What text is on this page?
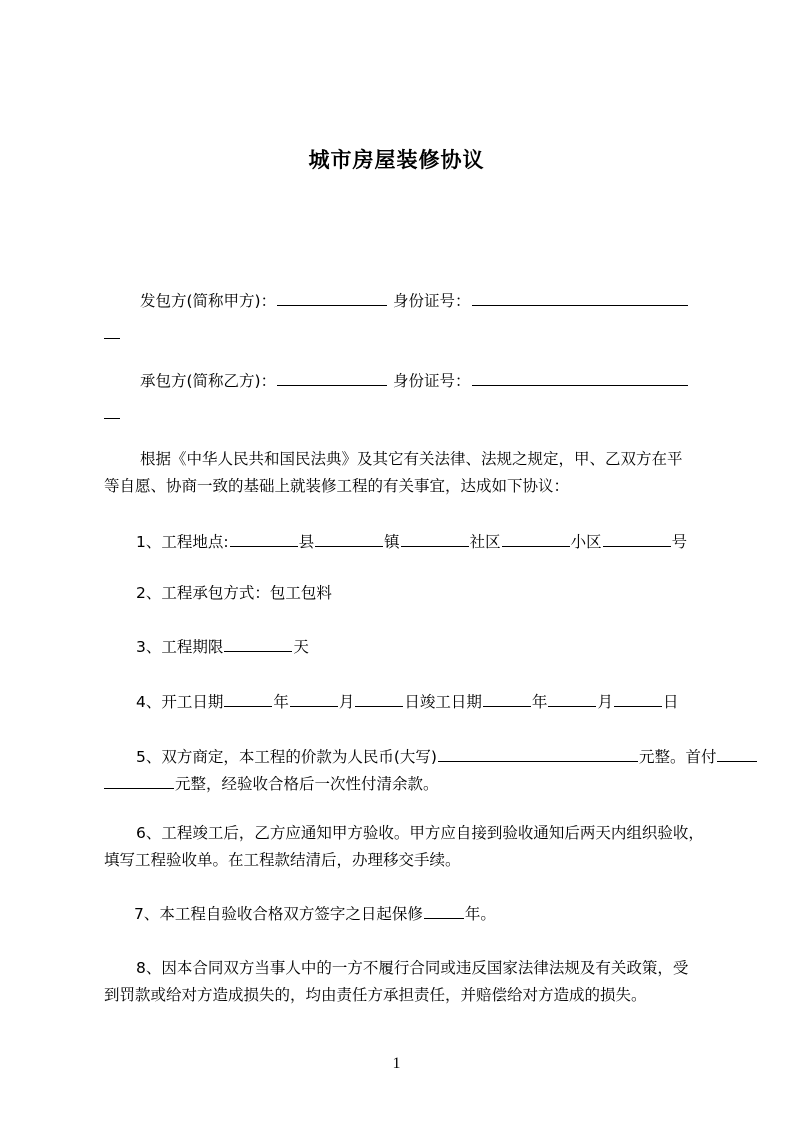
城市房屋装修协议
发包方(简称甲方)：	身份证号：
承包方(简称乙方)：	身份证号：
根据《中华人民共和国民法典》及其它有关法律、法规之规定，甲、乙双方在平
等自愿、协商一致的基础上就装修工程的有关事宜，达成如下协议：
1、工程地点:	县	镇	社区	小区	号
2、工程承包方式：包工包料
3、工程期限	天
4、开工日期	年	月	日竣工日期	年	月	日
5、双方商定，本工程的价款为人民币(大写)	元整。首付
元整，经验收合格后一次性付清余款。
6、工程竣工后，乙方应通知甲方验收。甲方应自接到验收通知后两天内组织验收，
填写工程验收单。在工程款结清后，办理移交手续。
7、本工程自验收合格双方签字之日起保修	年。
8、因本合同双方当事人中的一方不履行合同或违反国家法律法规及有关政策，受
到罚款或给对方造成损失的，均由责任方承担责任，并赔偿给对方造成的损失。
1
